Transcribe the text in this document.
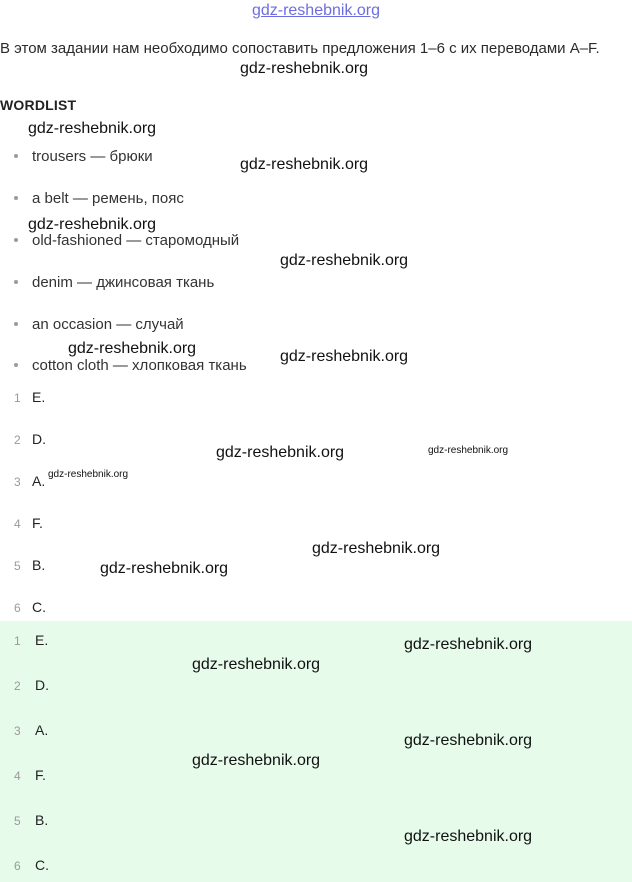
gdz-reshebnik.org
В этом задании нам необходимо сопоставить предложения 1–6 с их переводами A–F.
WORDLIST
trousers — брюки
a belt — ремень, пояс
old-fashioned — старомодный
denim — джинсовая ткань
an occasion — случай
cotton cloth — хлопковая ткань
1 E.
2 D.
3 A.
4 F.
5 B.
6 C.
1 E.
2 D.
3 A.
4 F.
5 B.
6 C.
gdz-reshebnik.org
gdz-reshebnik.org
gdz-reshebnik.org
gdz-reshebnik.org
gdz-reshebnik.org
gdz-reshebnik.org	gdz-reshebnik.org
gdz-reshebnik.org	gdz-reshebnik.org
gdz-reshebnik.org
gdz-reshebnik.org
gdz-reshebnik.org
gdz-reshebnik.org
gdz-reshebnik.org
gdz-reshebnik.org
gdz-reshebnik.org
gdz-reshebnik.org
